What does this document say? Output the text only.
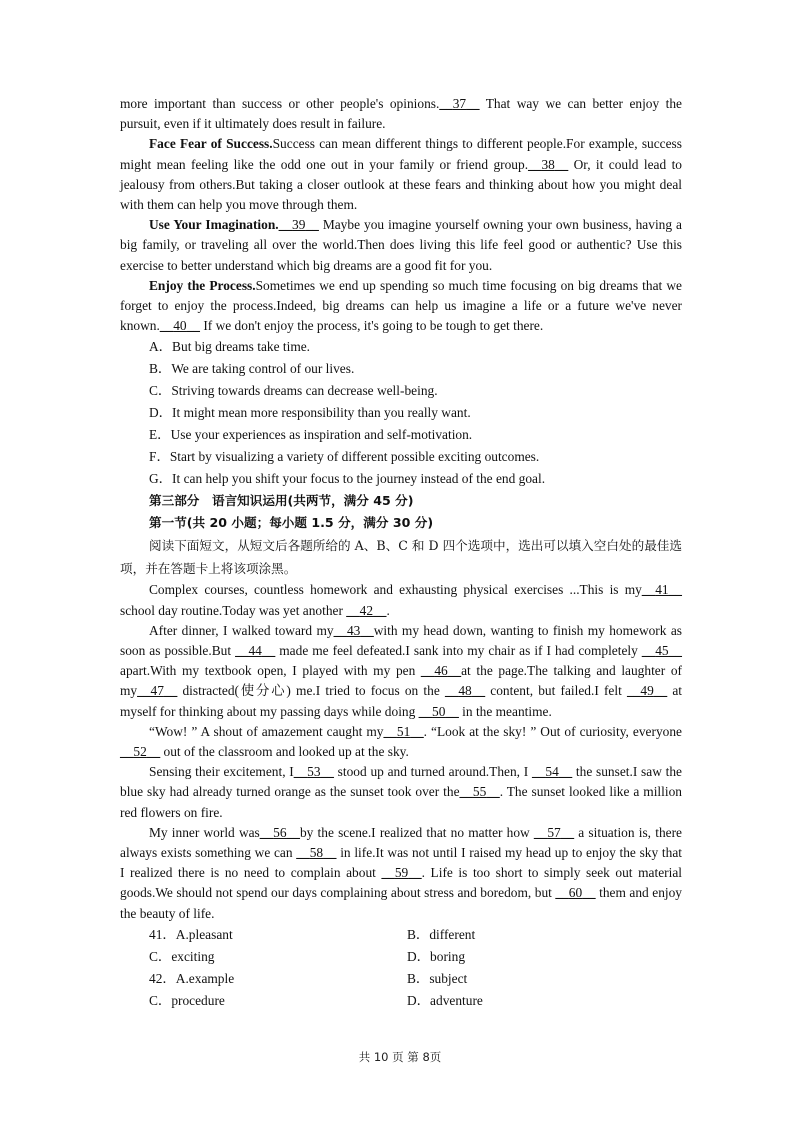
more important than success or other people's opinions.__37__ That way we can better enjoy the pursuit, even if it ultimately does result in failure.

Face Fear of Success.Success can mean different things to different people.For example, success might mean feeling like the odd one out in your family or friend group.__38__ Or, it could lead to jealousy from others.But taking a closer outlook at these fears and thinking about how you might deal with them can help you move through them.

Use Your Imagination.__39__ Maybe you imagine yourself owning your own business, having a big family, or traveling all over the world.Then does living this life feel good or authentic? Use this exercise to better understand which big dreams are a good fit for you.

Enjoy the Process.Sometimes we end up spending so much time focusing on big dreams that we forget to enjoy the process.Indeed, big dreams can help us imagine a life or a future we've never known.__40__ If we don't enjoy the process, it's going to be tough to get there.

A．But big dreams take time.

B．We are taking control of our lives.

C．Striving towards dreams can decrease well-being.

D．It might mean more responsibility than you really want.

E．Use your experiences as inspiration and self-motivation.

F．Start by visualizing a variety of different possible exciting outcomes.

G．It can help you shift your focus to the journey instead of the end goal.

第三部分　语言知识运用(共两节，满分 45 分)

第一节(共 20 小题；每小题 1.5 分，满分 30 分)

阅读下面短文，从短文后各题所给的 A、B、C 和 D 四个选项中，选出可以填入空白处的最佳选项，并在答题卡上将该项涂黑。

Complex courses, countless homework and exhausting physical exercises ...This is my__41__ school day routine.Today was yet another __42__.

After dinner, I walked toward my__43__with my head down, wanting to finish my homework as soon as possible.But __44__ made me feel defeated.I sank into my chair as if I had completely __45__ apart.With my textbook open, I played with my pen __46__at the page.The talking and laughter of my__47__ distracted(使分心) me.I tried to focus on the __48__ content, but failed.I felt __49__ at myself for thinking about my passing days while doing __50__ in the meantime.

“Wow! ” A shout of amazement caught my__51__. “Look at the sky! ” Out of curiosity, everyone __52__ out of the classroom and looked up at the sky.

Sensing their excitement, I__53__ stood up and turned around.Then, I __54__ the sunset.I saw the blue sky had already turned orange as the sunset took over the__55__. The sunset looked like a million red flowers on fire.

My inner world was__56__by the scene.I realized that no matter how __57__ a situation is, there always exists something we can __58__ in life.It was not until I raised my head up to enjoy the sky that I realized there is no need to complain about __59__. Life is too short to simply seek out material goods.We should not spend our days complaining about stress and boredom, but __60__ them and enjoy the beauty of life.

41．A.pleasant	B．different
C．exciting	D．boring
42．A.example	B．subject
C．procedure	D．adventure
共 10 页 第 8页
